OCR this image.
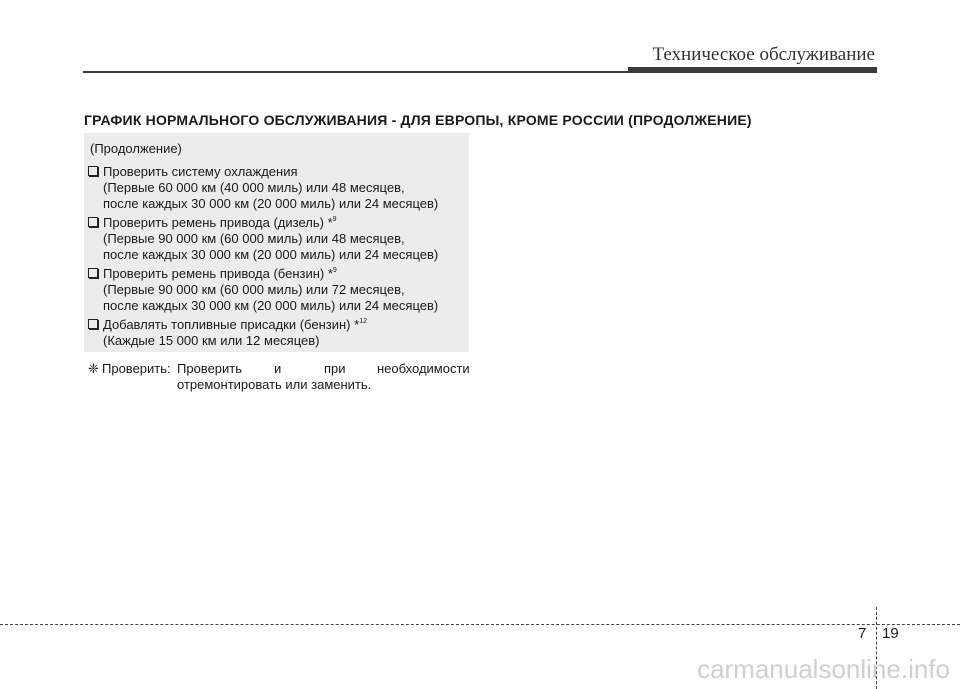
Техническое обслуживание
ГРАФИК НОРМАЛЬНОГО ОБСЛУЖИВАНИЯ - ДЛЯ ЕВРОПЫ, КРОМЕ РОССИИ (ПРОДОЛЖЕНИЕ)
(Продолжение)
Проверить систему охлаждения
(Первые 60 000 км (40 000 миль) или 48 месяцев,
после каждых 30 000 км (20 000 миль) или 24 месяцев)
Проверить ремень привода (дизель) *$^9$
(Первые 90 000 км (60 000 миль) или 48 месяцев,
после каждых 30 000 км (20 000 миль) или 24 месяцев)
Проверить ремень привода (бензин) *$^9$
(Первые 90 000 км (60 000 миль) или 72 месяцев,
после каждых 30 000 км (20 000 миль) или 24 месяцев)
Добавлять топливные присадки (бензин) *$^{12}$
(Каждые 15 000 км или 12 месяцев)
❈ Проверить: Проверить и	при необходимости
отремонтировать или заменить.
7 19
carmanualsonline.info
